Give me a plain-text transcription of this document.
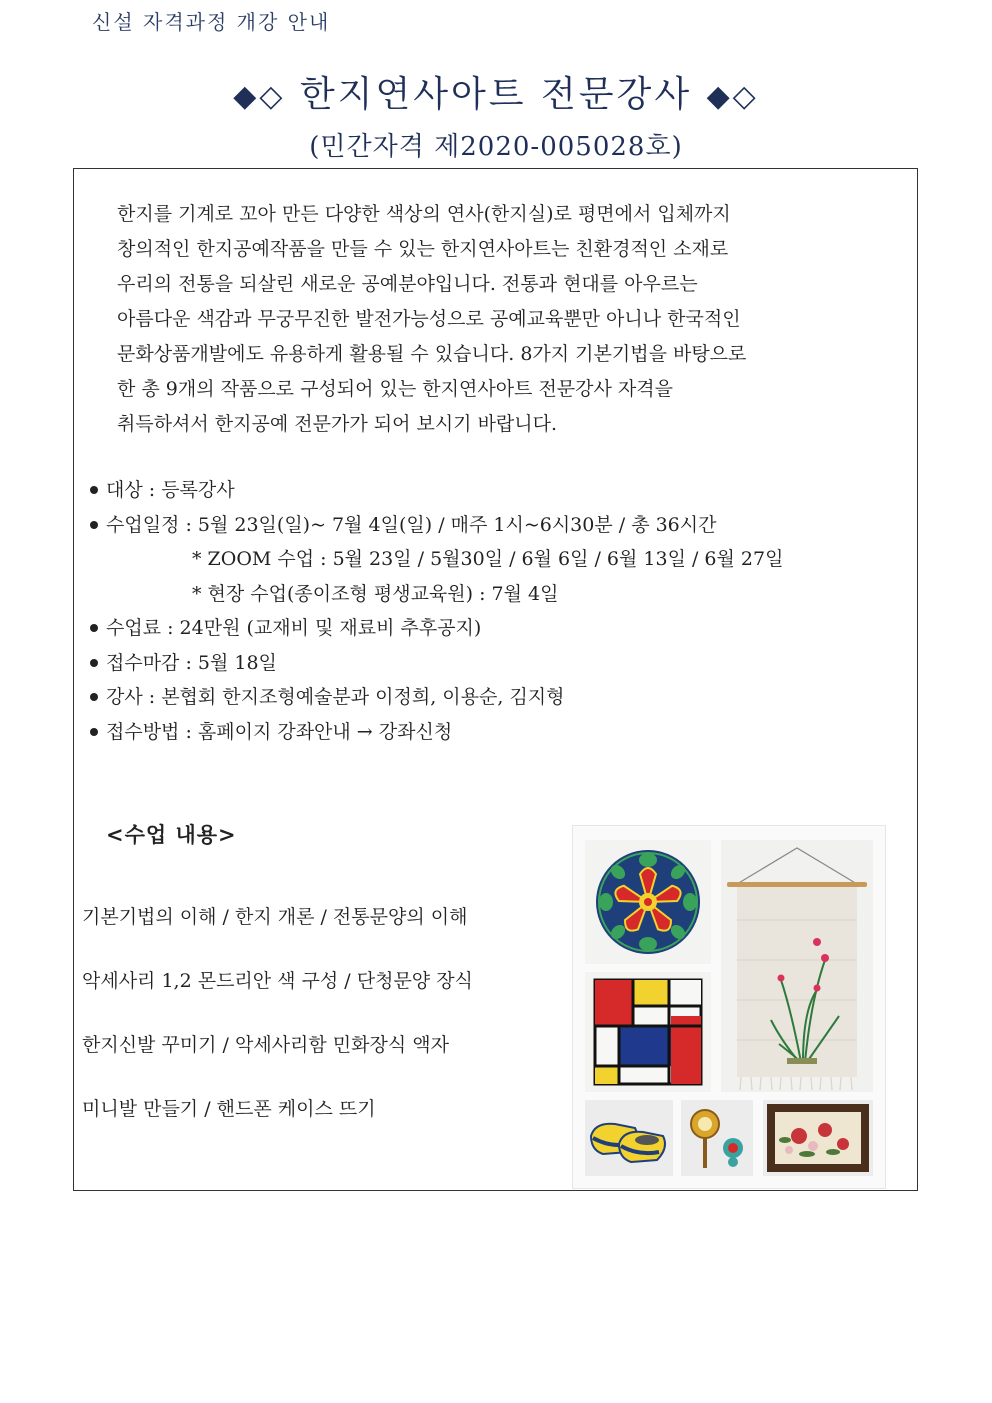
신설 자격과정 개강 안내
◆◇ 한지연사아트 전문강사 ◆◇
(민간자격 제2020-005028호)
한지를 기계로 꼬아 만든 다양한 색상의 연사(한지실)로 평면에서 입체까지
창의적인 한지공예작품을 만들 수 있는 한지연사아트는 친환경적인 소재로
우리의 전통을 되살린 새로운 공예분야입니다. 전통과 현대를 아우르는
아름다운 색감과 무궁무진한 발전가능성으로 공예교육뿐만 아니나 한국적인
문화상품개발에도 유용하게 활용될 수 있습니다. 8가지 기본기법을 바탕으로
한 총 9개의 작품으로 구성되어 있는 한지연사아트 전문강사 자격을
취득하셔서 한지공예 전문가가 되어 보시기 바랍니다.
대상 : 등록강사
수업일정 : 5월 23일(일)~ 7월 4일(일) / 매주 1시~6시30분 / 총 36시간
* ZOOM 수업 : 5월 23일 / 5월30일 / 6월 6일 / 6월 13일 / 6월 27일
* 현장 수업(종이조형 평생교육원) : 7월 4일
수업료 : 24만원 (교재비 및 재료비 추후공지)
접수마감 : 5월 18일
강사 : 본협회 한지조형예술분과 이정희, 이용순, 김지형
접수방법 : 홈페이지 강좌안내 → 강좌신청
<수업 내용>
기본기법의 이해 / 한지 개론 / 전통문양의 이해
악세사리 1,2 몬드리안 색 구성 / 단청문양 장식
한지신발 꾸미기 / 악세사리함 민화장식 액자
미니발 만들기 / 핸드폰 케이스 뜨기
